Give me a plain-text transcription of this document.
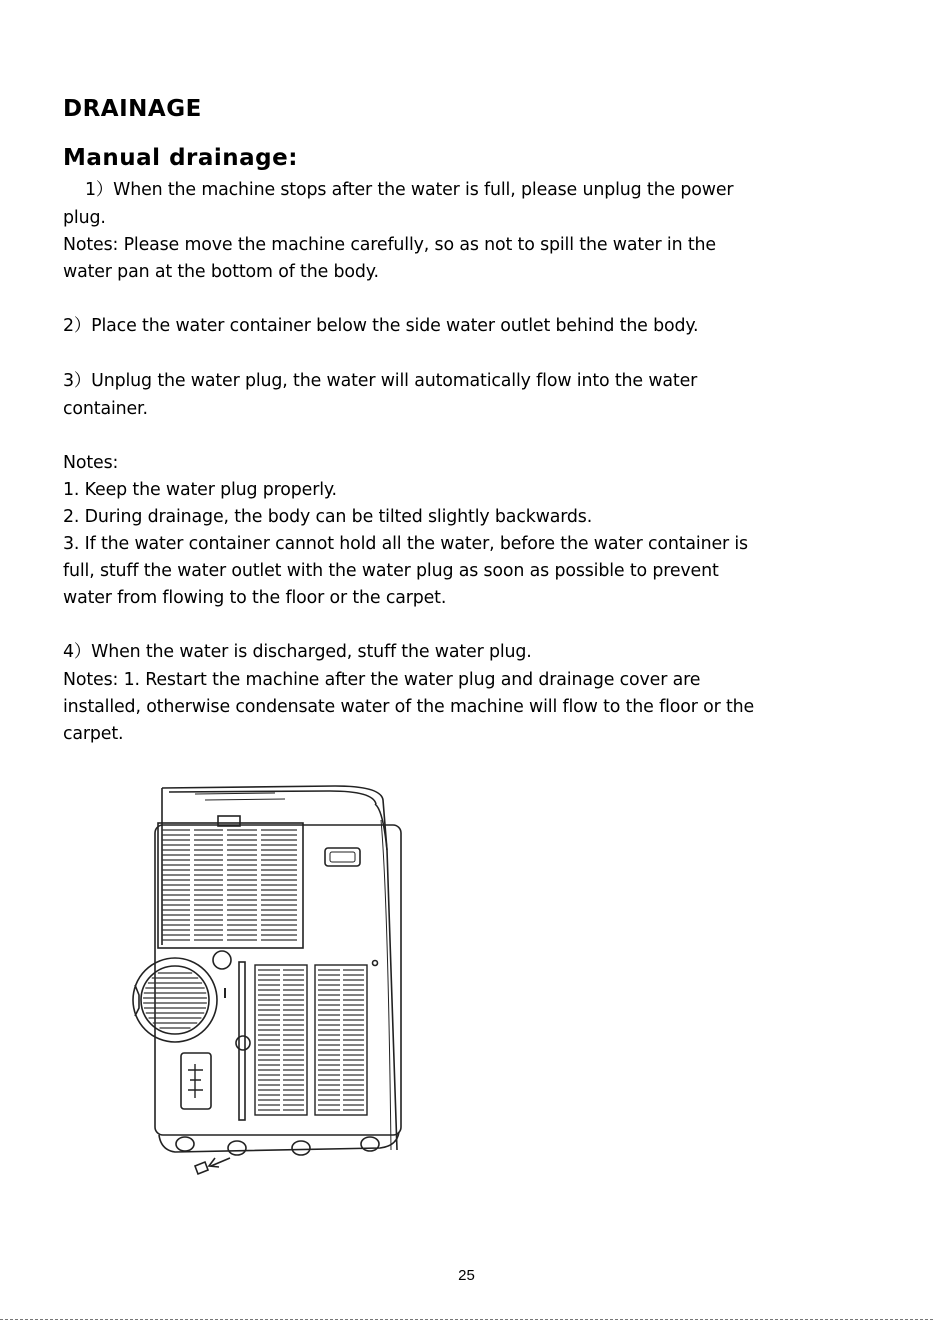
DRAINAGE
Manual drainage:
1）When the machine stops after the water is full, please unplug the power
plug.
Notes: Please move the machine carefully, so as not to spill the water in the
water pan at the bottom of the body.
2）Place the water container below the side water outlet behind the body.
3）Unplug the water plug, the water will automatically flow into the water
container.
Notes:
1. Keep the water plug properly.
2. During drainage, the body can be tilted slightly backwards.
3. If the water container cannot hold all the water, before the water container is
full, stuff the water outlet with the water plug as soon as possible to prevent
water from flowing to the floor or the carpet.
4）When the water is discharged, stuff the water plug.
Notes: 1. Restart the machine after the water plug and drainage cover are
installed, otherwise condensate water of the machine will flow to the floor or the
carpet.
25
